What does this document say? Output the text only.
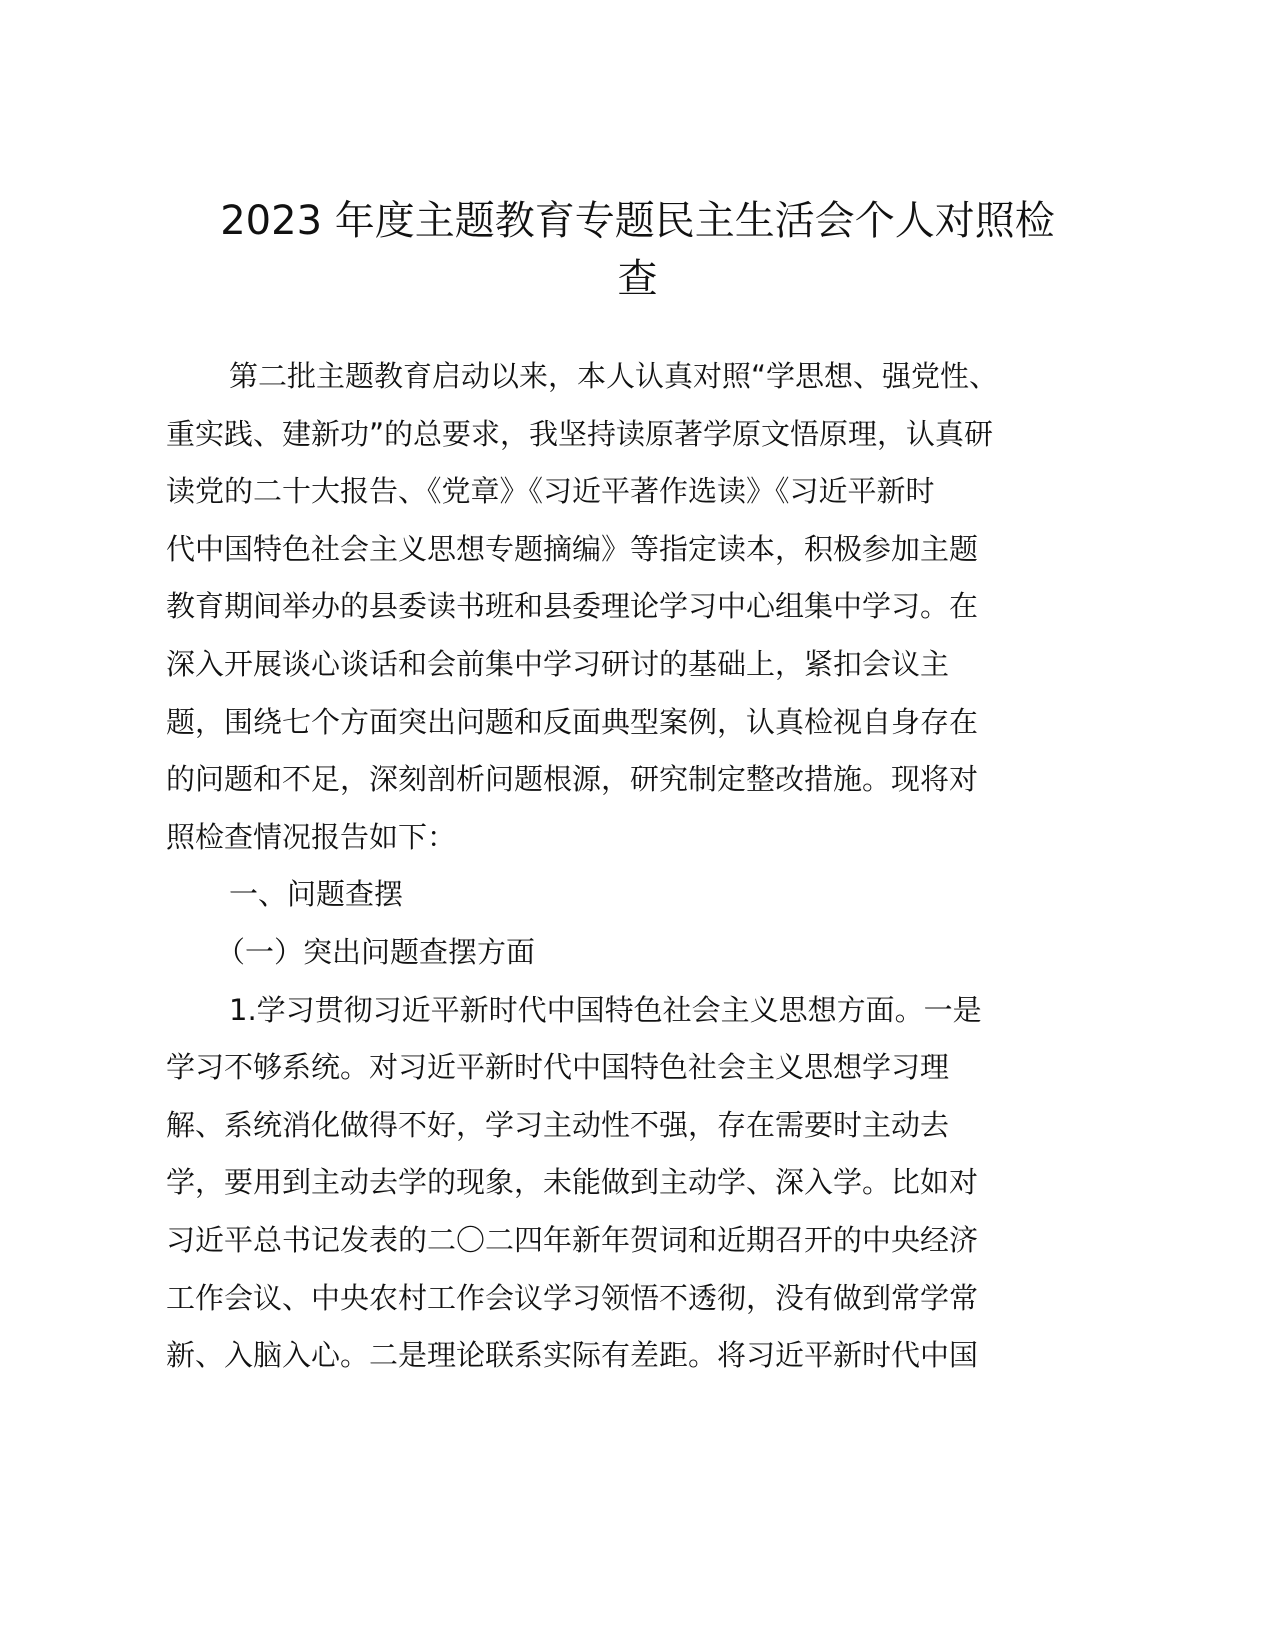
2023 年度主题教育专题民主生活会个人对照检
查

第二批主题教育启动以来，本人认真对照“学思想、强党性、
重实践、建新功”的总要求，我坚持读原著学原文悟原理，认真研
读党的二十大报告、《党章》《习近平著作选读》《习近平新时
代中国特色社会主义思想专题摘编》等指定读本，积极参加主题
教育期间举办的县委读书班和县委理论学习中心组集中学习。在
深入开展谈心谈话和会前集中学习研讨的基础上，紧扣会议主
题，围绕七个方面突出问题和反面典型案例，认真检视自身存在
的问题和不足，深刻剖析问题根源，研究制定整改措施。现将对
照检查情况报告如下：

一、问题查摆

（一）突出问题查摆方面

1.学习贯彻习近平新时代中国特色社会主义思想方面。一是
学习不够系统。对习近平新时代中国特色社会主义思想学习理
解、系统消化做得不好，学习主动性不强，存在需要时主动去
学，要用到主动去学的现象，未能做到主动学、深入学。比如对
习近平总书记发表的二〇二四年新年贺词和近期召开的中央经济
工作会议、中央农村工作会议学习领悟不透彻，没有做到常学常
新、入脑入心。二是理论联系实际有差距。将习近平新时代中国
